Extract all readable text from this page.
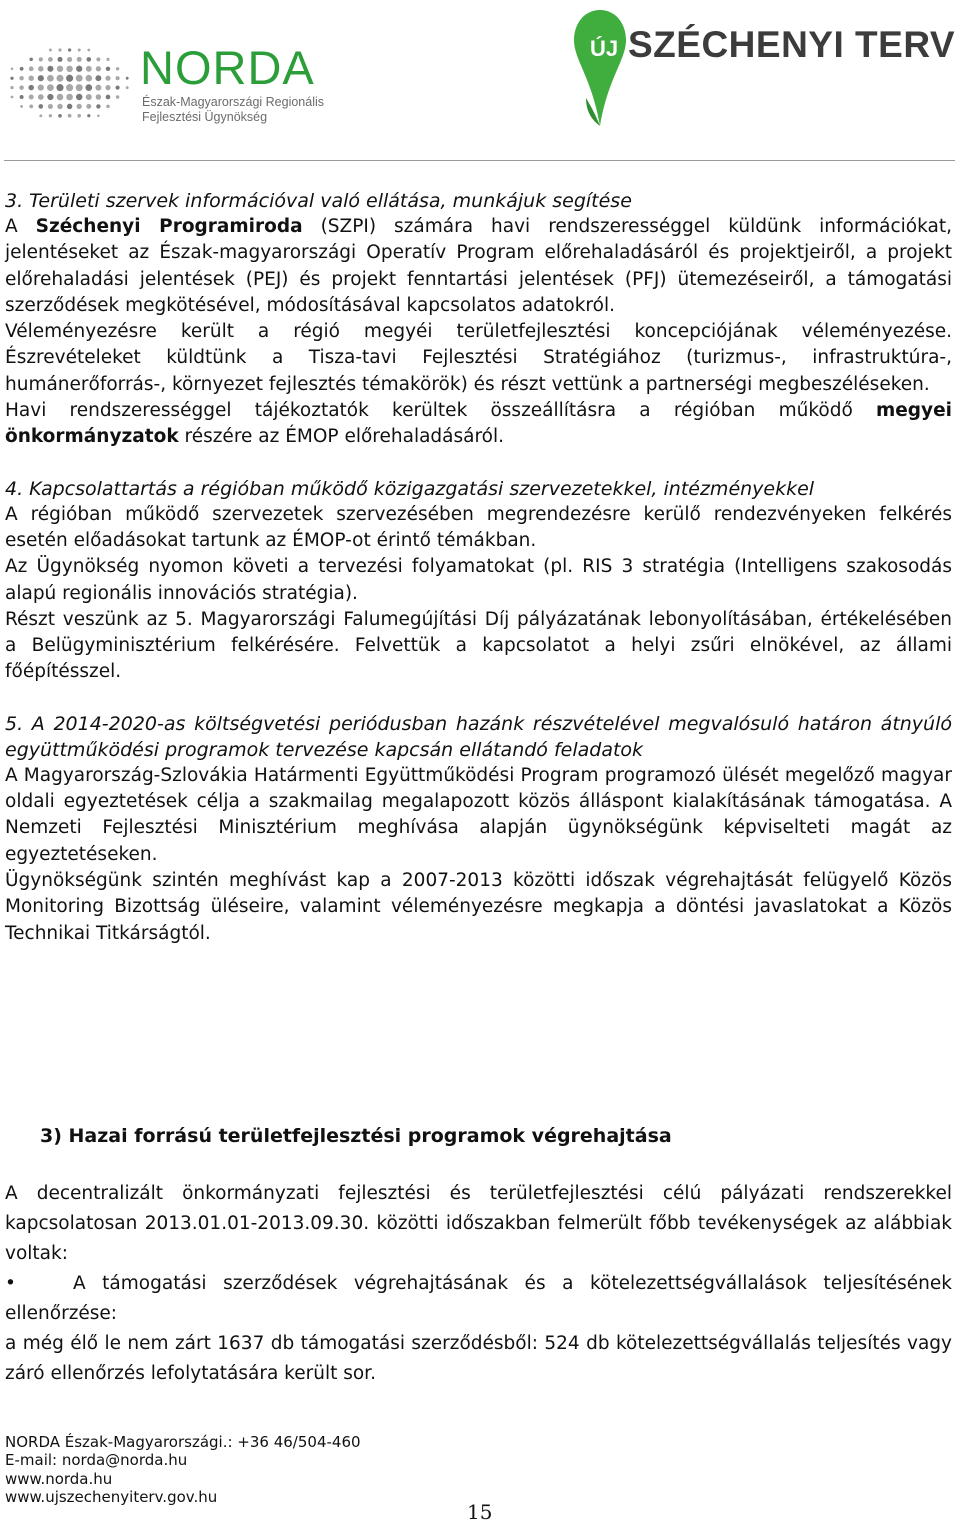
NORDA
Észak-Magyarországi Regionális
Fejlesztési Ügynökség
ÚJ SZÉCHENYI TERV

3. Területi szervek információval való ellátása, munkájuk segítése

A Széchenyi Programiroda (SZPI) számára havi rendszerességgel küldünk információkat, jelentéseket az Észak-magyarországi Operatív Program előrehaladásáról és projektjeiről, a projekt előrehaladási jelentések (PEJ) és projekt fenntartási jelentések (PFJ) ütemezéseiről, a támogatási szerződések megkötésével, módosításával kapcsolatos adatokról.

Véleményezésre került a régió megyéi területfejlesztési koncepciójának véleményezése. Észrevételeket küldtünk a Tisza-tavi Fejlesztési Stratégiához (turizmus-, infrastruktúra-, humánerőforrás-, környezet fejlesztés témakörök) és részt vettünk a partnerségi megbeszéléseken.

Havi rendszerességgel tájékoztatók kerültek összeállításra a régióban működő megyei önkormányzatok részére az ÉMOP előrehaladásáról.

4. Kapcsolattartás a régióban működő közigazgatási szervezetekkel, intézményekkel

A régióban működő szervezetek szervezésében megrendezésre kerülő rendezvényeken felkérés esetén előadásokat tartunk az ÉMOP-ot érintő témákban.

Az Ügynökség nyomon követi a tervezési folyamatokat (pl. RIS 3 stratégia (Intelligens szakosodás alapú regionális innovációs stratégia).

Részt veszünk az 5. Magyarországi Falumegújítási Díj pályázatának lebonyolításában, értékelésében a Belügyminisztérium felkérésére. Felvettük a kapcsolatot a helyi zsűri elnökével, az állami főépítésszel.

5. A 2014-2020-as költségvetési periódusban hazánk részvételével megvalósuló határon átnyúló együttműködési programok tervezése kapcsán ellátandó feladatok

A Magyarország-Szlovákia Határmenti Együttműködési Program programozó ülését megelőző magyar oldali egyeztetések célja a szakmailag megalapozott közös álláspont kialakításának támogatása. A Nemzeti Fejlesztési Minisztérium meghívása alapján ügynökségünk képviselteti magát az egyeztetéseken.

Ügynökségünk szintén meghívást kap a 2007-2013 közötti időszak végrehajtását felügyelő Közös Monitoring Bizottság üléseire, valamint véleményezésre megkapja a döntési javaslatokat a Közös Technikai Titkárságtól.

3) Hazai forrású területfejlesztési programok végrehajtása

A decentralizált önkormányzati fejlesztési és területfejlesztési célú pályázati rendszerekkel kapcsolatosan 2013.01.01-2013.09.30. közötti időszakban felmerült főbb tevékenységek az alábbiak voltak:

•	A támogatási szerződések végrehajtásának és a kötelezettségvállalások teljesítésének ellenőrzése:

a még élő le nem zárt 1637 db támogatási szerződésből: 524 db kötelezettségvállalás teljesítés vagy záró ellenőrzés lefolytatására került sor.

NORDA Észak-Magyarországi.: +36 46/504-460
E-mail: norda@norda.hu
www.norda.hu
www.ujszechenyiterv.gov.hu
15
